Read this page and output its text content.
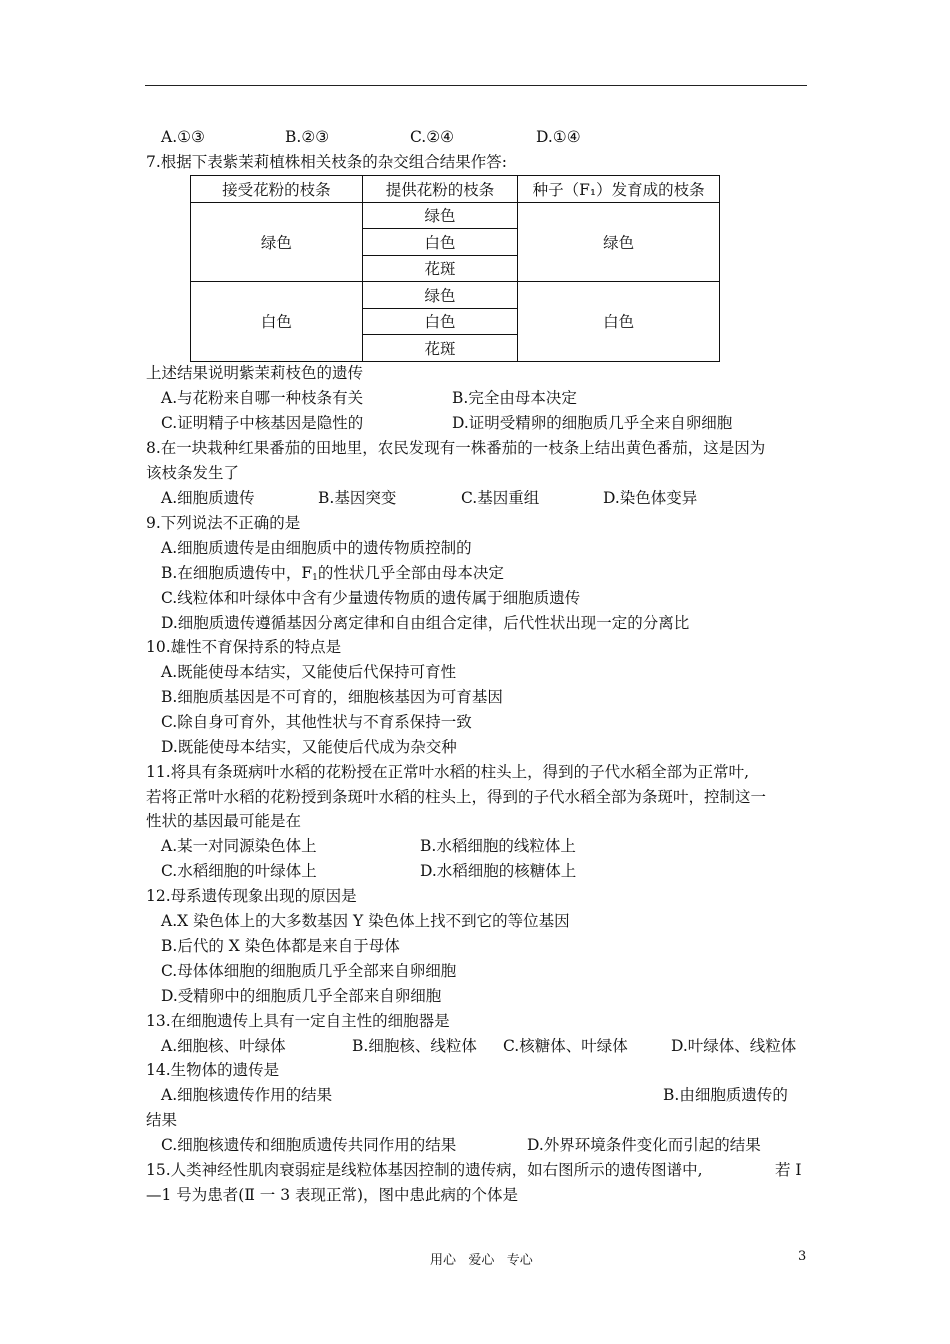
A.①③	B.②③	C.②④	D.①④
7.根据下表紫茉莉植株相关枝条的杂交组合结果作答:
接受花粉的枝条	提供花粉的枝条	种子（F₁）发育成的枝条
绿色	绿色	绿色
	白色	
	花斑	
白色	绿色	白色
	白色	
	花斑	
上述结果说明紫茉莉枝色的遗传
A.与花粉来自哪一种枝条有关	B.完全由母本决定
C.证明精子中核基因是隐性的	D.证明受精卵的细胞质几乎全来自卵细胞
8.在一块栽种红果番茄的田地里，农民发现有一株番茄的一枝条上结出黄色番茄，这是因为
该枝条发生了
A.细胞质遗传	B.基因突变	C.基因重组	D.染色体变异
9.下列说法不正确的是
A.细胞质遗传是由细胞质中的遗传物质控制的
B.在细胞质遗传中，$F_1$的性状几乎全部由母本决定
C.线粒体和叶绿体中含有少量遗传物质的遗传属于细胞质遗传
D.细胞质遗传遵循基因分离定律和自由组合定律，后代性状出现一定的分离比
10.雄性不育保持系的特点是
A.既能使母本结实，又能使后代保持可育性
B.细胞质基因是不可育的，细胞核基因为可育基因
C.除自身可育外，其他性状与不育系保持一致
D.既能使母本结实，又能使后代成为杂交种
11.将具有条斑病叶水稻的花粉授在正常叶水稻的柱头上，得到的子代水稻全部为正常叶,
若将正常叶水稻的花粉授到条斑叶水稻的柱头上，得到的子代水稻全部为条斑叶，控制这一
性状的基因最可能是在
A.某一对同源染色体上	B.水稻细胞的线粒体上
C.水稻细胞的叶绿体上	D.水稻细胞的核糖体上
12.母系遗传现象出现的原因是
A.X 染色体上的大多数基因 Y 染色体上找不到它的等位基因
B.后代的 X 染色体都是来自于母体
C.母体体细胞的细胞质几乎全部来自卵细胞
D.受精卵中的细胞质几乎全部来自卵细胞
13.在细胞遗传上具有一定自主性的细胞器是
A.细胞核、叶绿体	B.细胞核、线粒体 C.核糖体、叶绿体	D.叶绿体、线粒体
14.生物体的遗传是
A.细胞核遗传作用的结果	B.由细胞质遗传的
结果
C.细胞核遗传和细胞质遗传共同作用的结果	D.外界环境条件变化而引起的结果
15.人类神经性肌肉衰弱症是线粒体基因控制的遗传病，如右图所示的遗传图谱中,	若 I
—1 号为患者(Ⅱ 一 3 表现正常)，图中患此病的个体是
用心   爱心   专心	3
